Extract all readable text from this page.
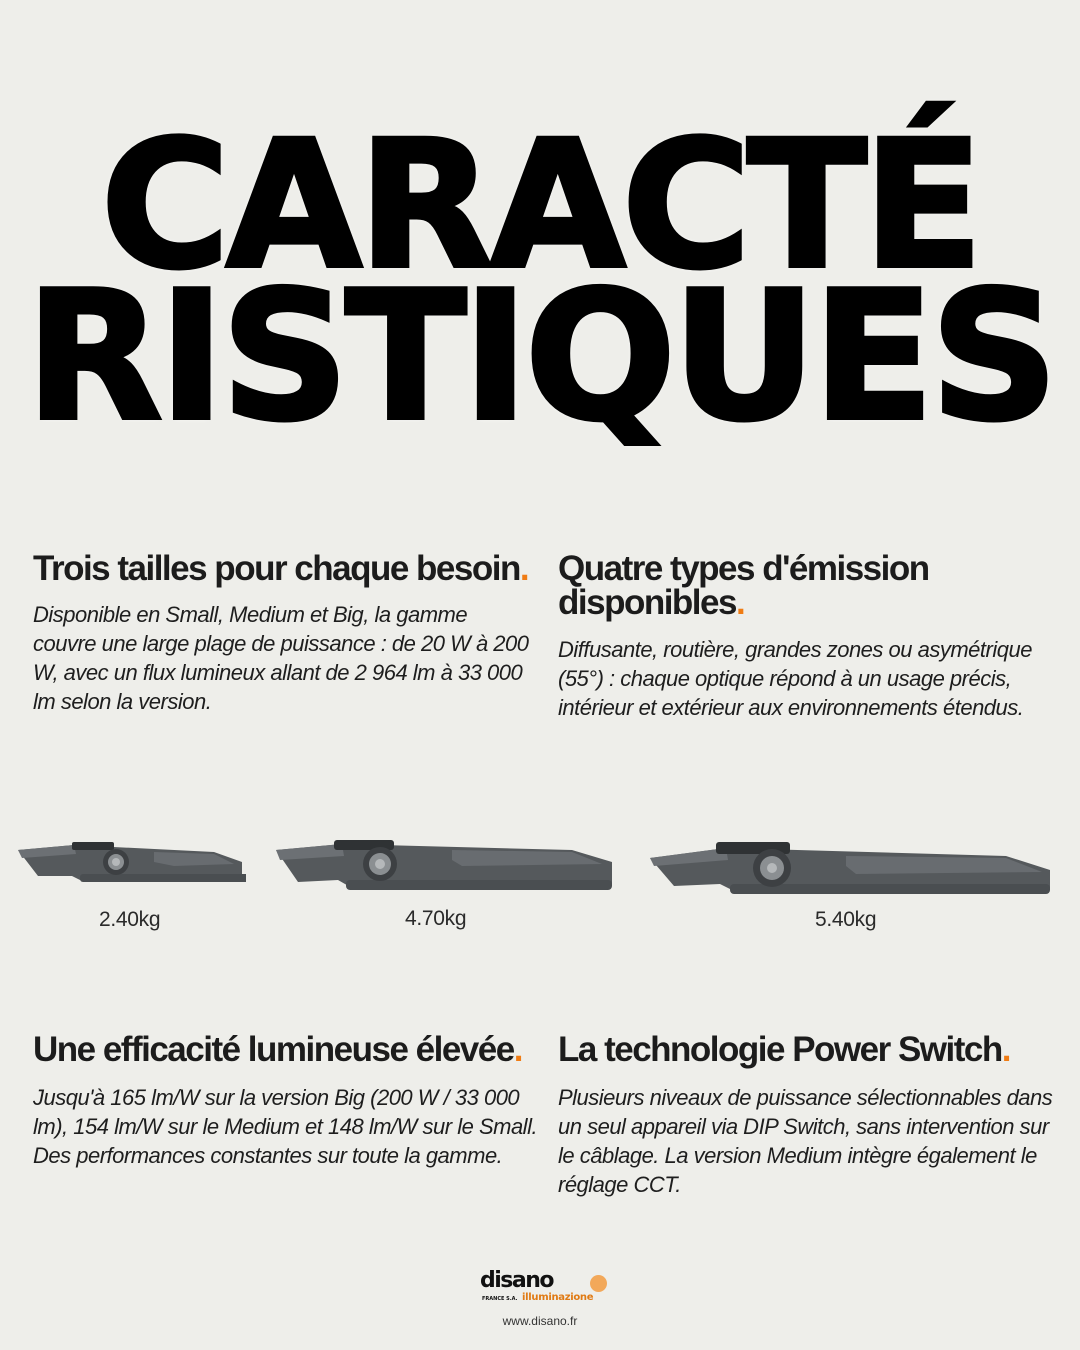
CARACTÉ
RISTIQUES
Trois tailles pour chaque besoin.

Disponible en Small, Medium et Big, la gamme couvre une large plage de puissance : de 20 W à 200 W, avec un flux lumineux allant de 2 964 lm à 33 000 lm selon la version.

Quatre types d'émission disponibles.

Diffusante, routière, grandes zones ou asymétrique (55°) : chaque optique répond à un usage précis, intérieur et extérieur aux environnements étendus.

2.40kg	4.70kg	5.40kg
Une efficacité lumineuse élevée.

Jusqu'à 165 lm/W sur la version Big (200 W / 33 000 lm), 154 lm/W sur le Medium et 148 lm/W sur le Small. Des performances constantes sur toute la gamme.

La technologie Power Switch.

Plusieurs niveaux de puissance sélectionnables dans un seul appareil via DIP Switch, sans intervention sur le câblage. La version Medium intègre également le réglage CCT.

disano
FRANCE S.A. illuminazione
www.disano.fr
